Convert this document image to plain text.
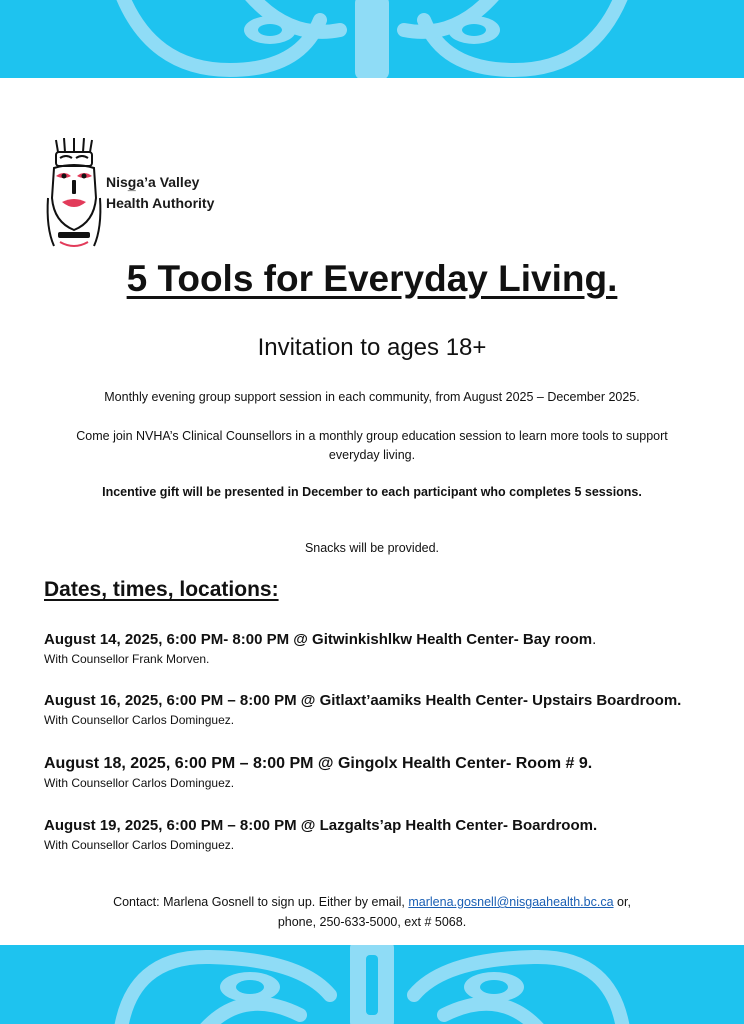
Nisg̲a’a Valley
Health Authority
5 Tools for Everyday Living.
Invitation to ages 18+
Monthly evening group support session in each community, from August 2025 – December 2025.
Come join NVHA’s Clinical Counsellors in a monthly group education session to learn more tools to support everyday living.
Incentive gift will be presented in December to each participant who completes 5 sessions.
Snacks will be provided.
Dates, times, locations:
August 14, 2025, 6:00 PM- 8:00 PM @ Gitwinkishlkw Health Center- Bay room.
With Counsellor Frank Morven.
August 16, 2025, 6:00 PM – 8:00 PM @ Gitlaxt’aamiks Health Center- Upstairs Boardroom.
With Counsellor Carlos Dominguez.
August 18, 2025, 6:00 PM – 8:00 PM @ Gingolx Health Center- Room # 9.
With Counsellor Carlos Dominguez.
August 19, 2025, 6:00 PM – 8:00 PM @ Lazgalts’ap Health Center- Boardroom.
With Counsellor Carlos Dominguez.
Contact: Marlena Gosnell to sign up. Either by email, marlena.gosnell@nisgaahealth.bc.ca or,
phone, 250-633-5000, ext # 5068.
